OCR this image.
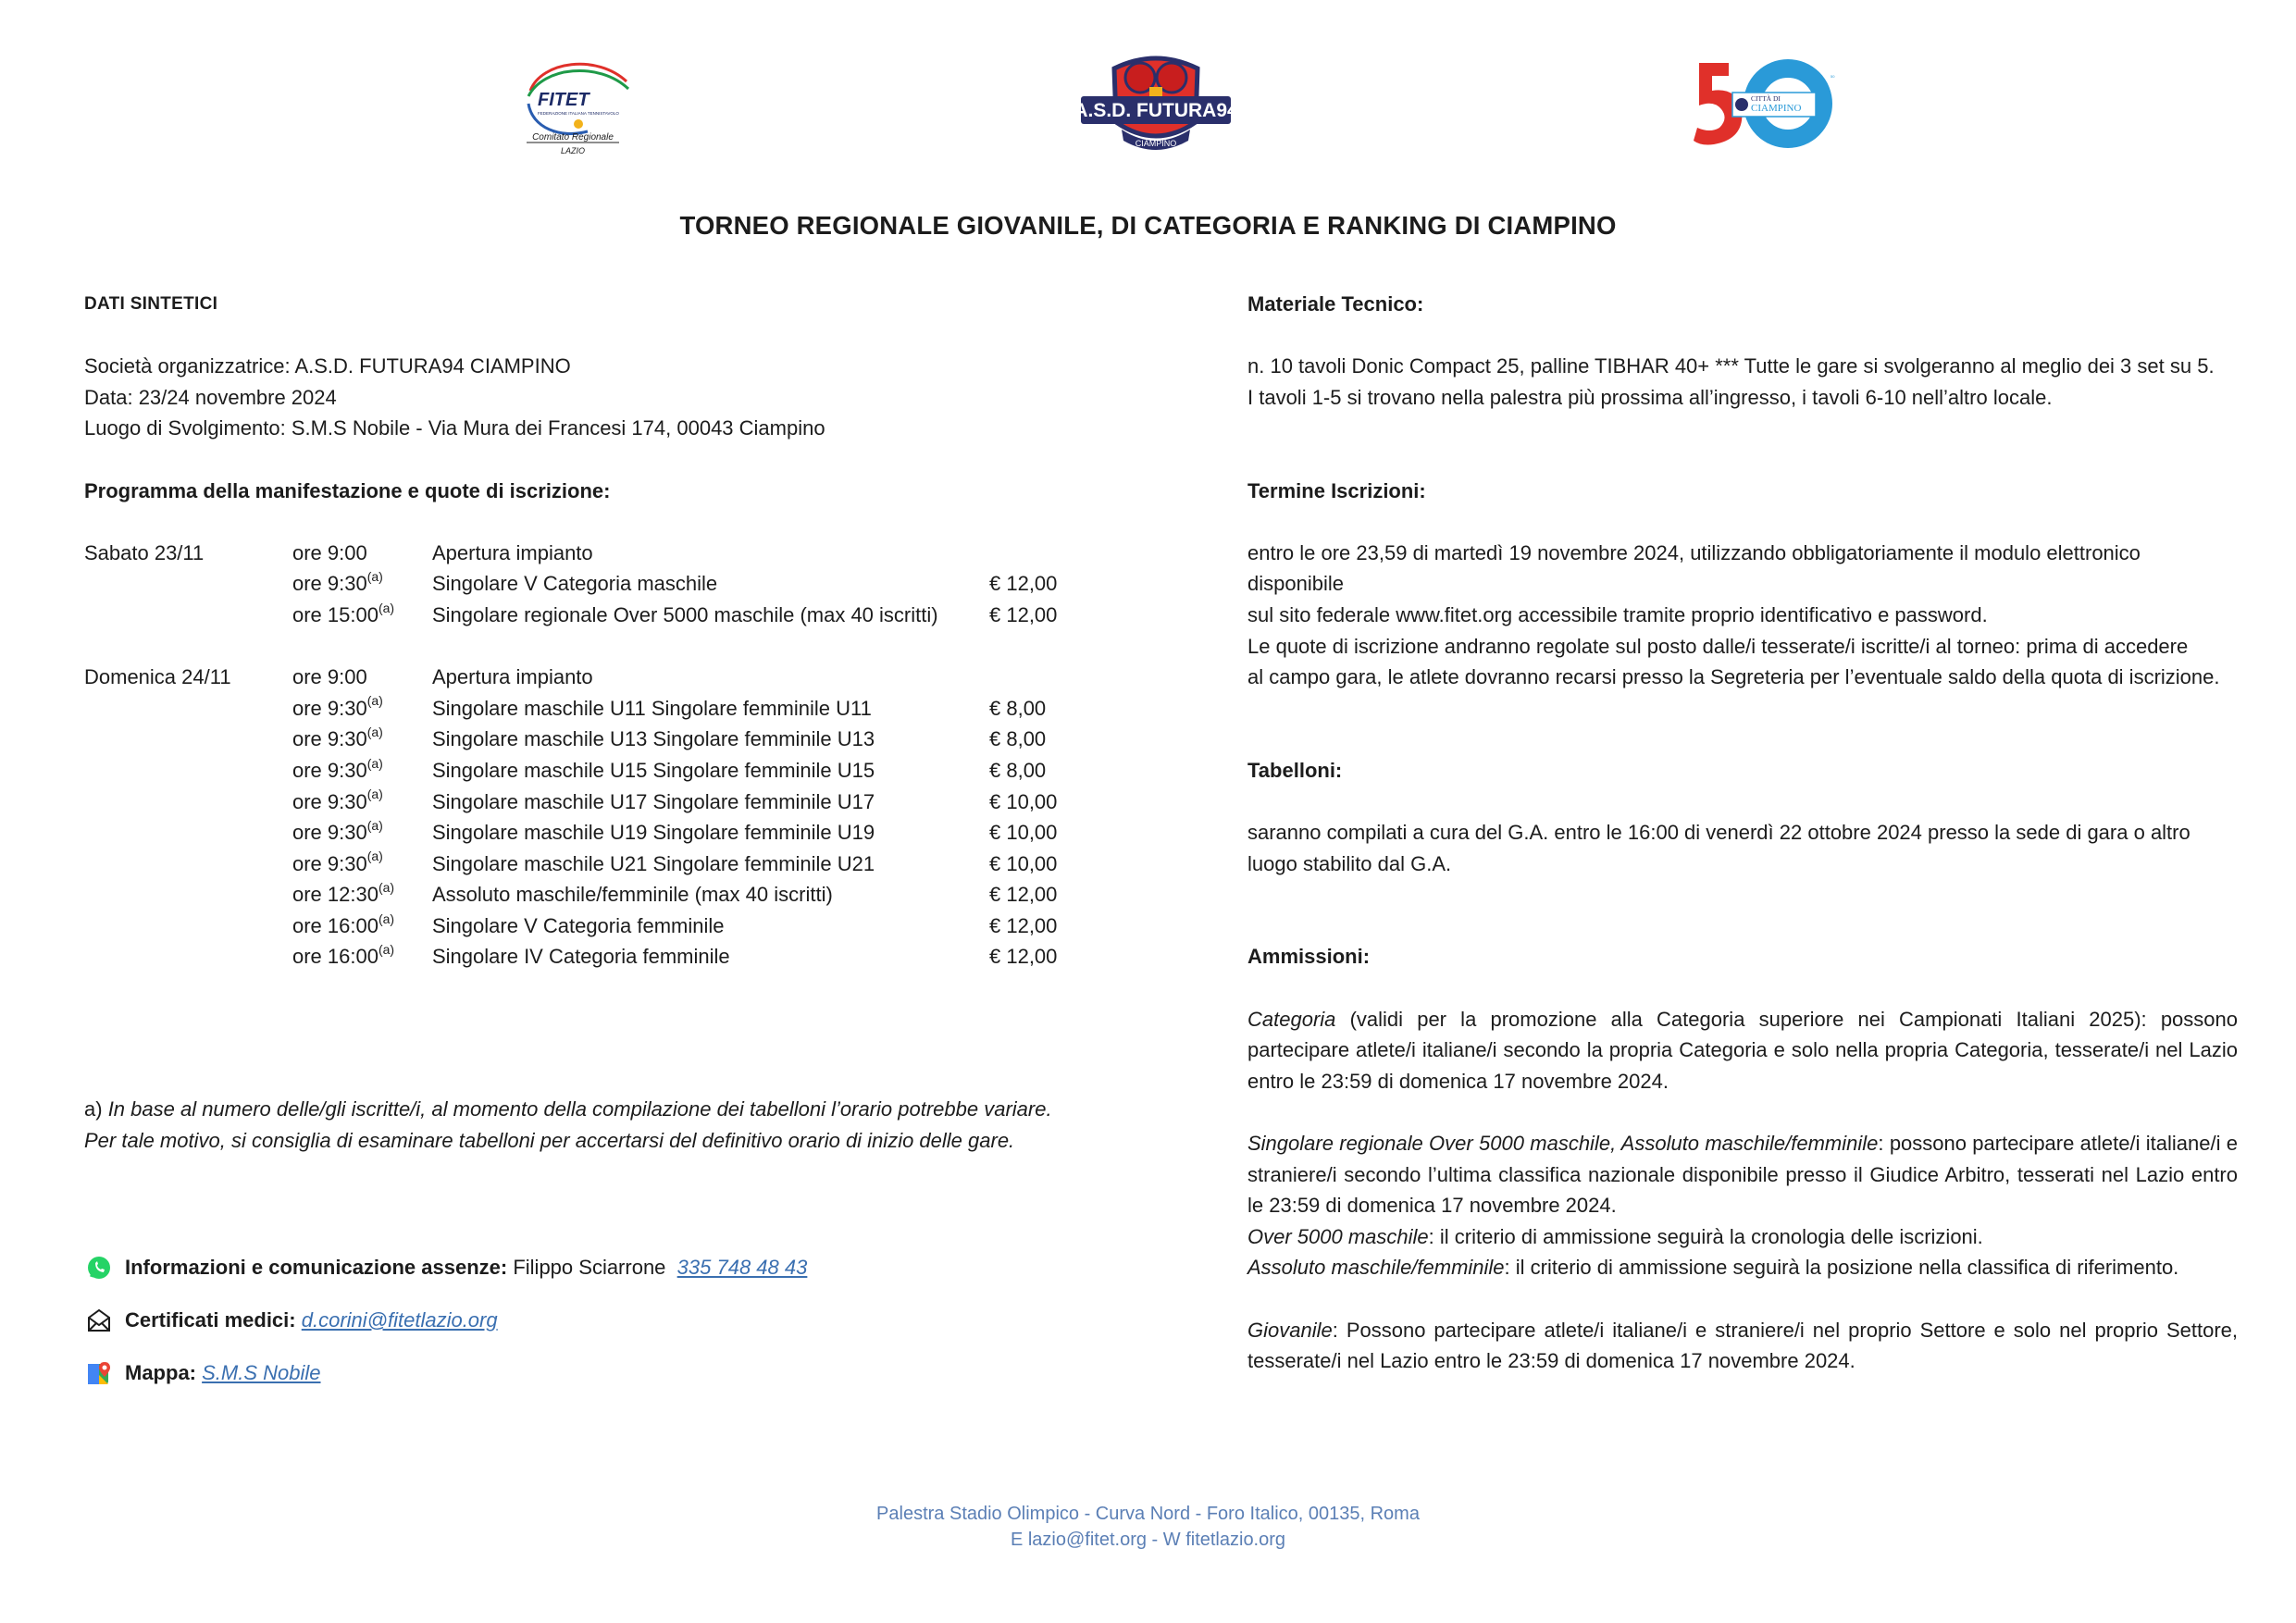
FITET
FEDERAZIONE ITALIANA TENNISTAVOLO
Comitato Regionale
LAZIO
A.S.D. FUTURA94
CIAMPINO
CITTÀ DI
CIAMPINO
50
TORNEO REGIONALE GIOVANILE, DI CATEGORIA E RANKING DI CIAMPINO

DATI SINTETICI

Società organizzatrice: A.S.D. FUTURA94 CIAMPINO

Data: 23/24 novembre 2024

Luogo di Svolgimento: S.M.S Nobile - Via Mura dei Francesi 174, 00043 Ciampino

Programma della manifestazione e quote di iscrizione:

Sabato 23/11	ore 9:00	Apertura impianto
ore 9:30$^{(a)}$ Singolare V Categoria maschile	€ 12,00
ore 15:00$^{(a)}$ Singolare regionale Over 5000 maschile (max 40 iscritti)	€ 12,00
Domenica 24/11	ore 9:00	Apertura impianto
ore 9:30$^{(a)}$ Singolare maschile U11 Singolare femminile U11	€ 8,00
ore 9:30$^{(a)}$ Singolare maschile U13 Singolare femminile U13	€ 8,00
ore 9:30$^{(a)}$ Singolare maschile U15 Singolare femminile U15	€ 8,00
ore 9:30$^{(a)}$ Singolare maschile U17 Singolare femminile U17	€ 10,00
ore 9:30$^{(a)}$ Singolare maschile U19 Singolare femminile U19	€ 10,00
ore 9:30$^{(a)}$ Singolare maschile U21 Singolare femminile U21	€ 10,00
ore 12:30$^{(a)}$ Assoluto maschile/femminile (max 40 iscritti)	€ 12,00
ore 16:00$^{(a)}$ Singolare V Categoria femminile	€ 12,00
ore 16:00$^{(a)}$ Singolare IV Categoria femminile	€ 12,00

a) In base al numero delle/gli iscritte/i, al momento della compilazione dei tabelloni l’orario potrebbe variare.

Per tale motivo, si consiglia di esaminare tabelloni per accertarsi del definitivo orario di inizio delle gare.

Informazioni e comunicazione assenze:
Filippo Sciarrone
335 748 48 43
Certificati medici:
d.corini@fitetlazio.org
Mappa:
S.M.S Nobile

Materiale Tecnico:

n. 10 tavoli Donic Compact 25, palline TIBHAR 40+ *** Tutte le gare si svolgeranno al meglio dei 3 set su 5.

I tavoli 1-5 si trovano nella palestra più prossima all’ingresso, i tavoli 6-10 nell’altro locale.

Termine Iscrizioni:

entro le ore 23,59 di martedì 19 novembre 2024, utilizzando obbligatoriamente il modulo elettronico disponibile

sul sito federale www.fitet.org accessibile tramite proprio identificativo e password.

Le quote di iscrizione andranno regolate sul posto dalle/i tesserate/i iscritte/i al torneo: prima di accedere

al campo gara, le atlete dovranno recarsi presso la Segreteria per l’eventuale saldo della quota di iscrizione.

Tabelloni:

saranno compilati a cura del G.A. entro le 16:00 di venerdì 22 ottobre 2024 presso la sede di gara o altro

luogo stabilito dal G.A.

Ammissioni:

Categoria (validi per la promozione alla Categoria superiore nei Campionati Italiani 2025): possono partecipare atlete/i italiane/i secondo la propria Categoria e solo nella propria Categoria, tesserate/i nel Lazio entro le 23:59 di domenica 17 novembre 2024.

Singolare regionale Over 5000 maschile, Assoluto maschile/femminile: possono partecipare atlete/i italiane/i e straniere/i secondo l’ultima classifica nazionale disponibile presso il Giudice Arbitro, tesserati nel Lazio entro le 23:59 di domenica 17 novembre 2024.

Over 5000 maschile: il criterio di ammissione seguirà la cronologia delle iscrizioni.

Assoluto maschile/femminile: il criterio di ammissione seguirà la posizione nella classifica di riferimento.

Giovanile: Possono partecipare atlete/i italiane/i e straniere/i nel proprio Settore e solo nel proprio Settore, tesserate/i nel Lazio entro le 23:59 di domenica 17 novembre 2024.

Palestra Stadio Olimpico - Curva Nord - Foro Italico, 00135, Roma
E lazio@fitet.org - W fitetlazio.org
